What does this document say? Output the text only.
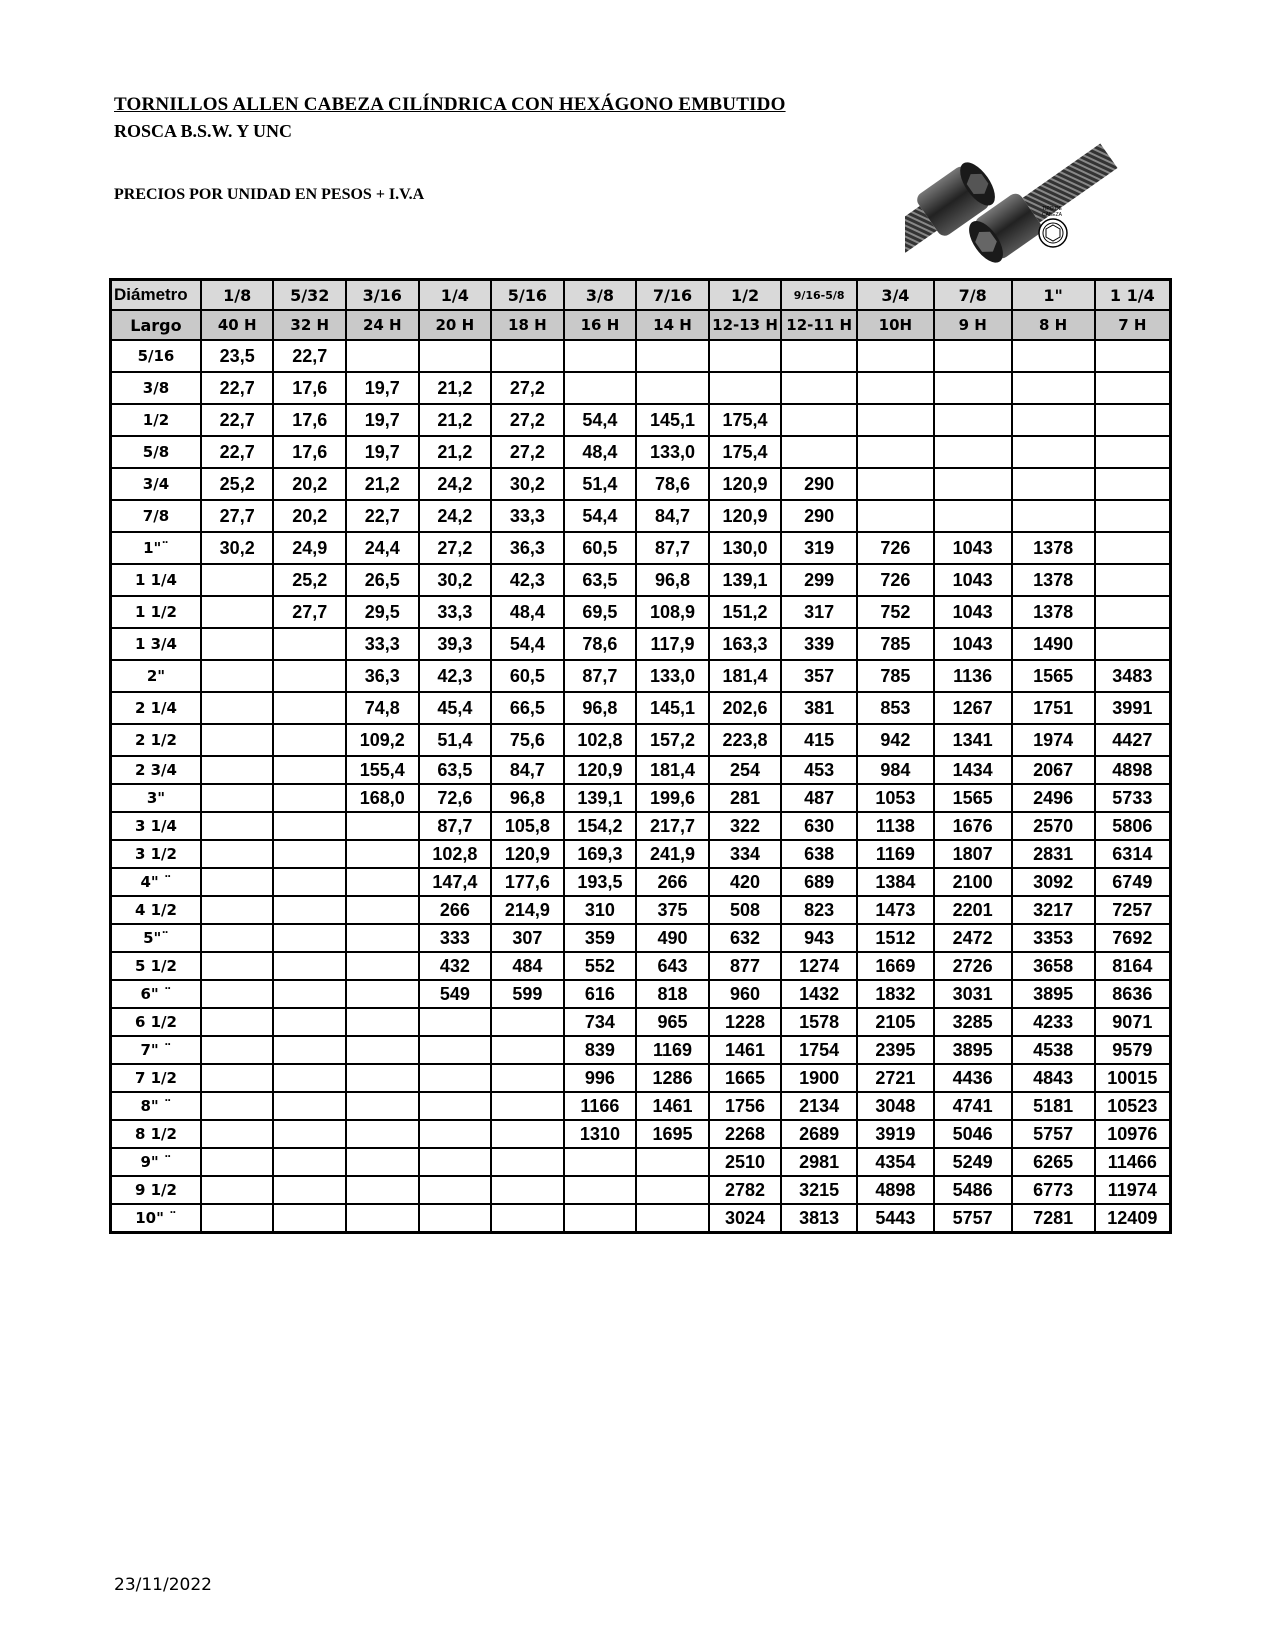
TORNILLOS ALLEN CABEZA CILÍNDRICA CON HEXÁGONO EMBUTIDO
ROSCA B.S.W. Y UNC
PRECIOS POR UNIDAD EN PESOS + I.V.A
TIPO DE
CABEZA
Diámetro	1/8	5/32	3/16	1/4	5/16	3/8	7/16	1/2	9/16-5/8	3/4	7/8	1"	1 1/4
Largo	40 H	32 H	24 H	20 H	18 H	16 H	14 H	12-13 H	12-11 H	10H	9 H	8 H	7 H
5/16	23,5	22,7											
3/8	22,7	17,6	19,7	21,2	27,2								
1/2	22,7	17,6	19,7	21,2	27,2	54,4	145,1	175,4					
5/8	22,7	17,6	19,7	21,2	27,2	48,4	133,0	175,4					
3/4	25,2	20,2	21,2	24,2	30,2	51,4	78,6	120,9	290				
7/8	27,7	20,2	22,7	24,2	33,3	54,4	84,7	120,9	290				
1"¨	30,2	24,9	24,4	27,2	36,3	60,5	87,7	130,0	319	726	1043	1378	
1 1/4		25,2	26,5	30,2	42,3	63,5	96,8	139,1	299	726	1043	1378	
1 1/2		27,7	29,5	33,3	48,4	69,5	108,9	151,2	317	752	1043	1378	
1 3/4			33,3	39,3	54,4	78,6	117,9	163,3	339	785	1043	1490	
2"			36,3	42,3	60,5	87,7	133,0	181,4	357	785	1136	1565	3483
2 1/4			74,8	45,4	66,5	96,8	145,1	202,6	381	853	1267	1751	3991
2 1/2			109,2	51,4	75,6	102,8	157,2	223,8	415	942	1341	1974	4427
2 3/4			155,4	63,5	84,7	120,9	181,4	254	453	984	1434	2067	4898
3"			168,0	72,6	96,8	139,1	199,6	281	487	1053	1565	2496	5733
3 1/4				87,7	105,8	154,2	217,7	322	630	1138	1676	2570	5806
3 1/2				102,8	120,9	169,3	241,9	334	638	1169	1807	2831	6314
4" ¨				147,4	177,6	193,5	266	420	689	1384	2100	3092	6749
4 1/2				266	214,9	310	375	508	823	1473	2201	3217	7257
5"¨				333	307	359	490	632	943	1512	2472	3353	7692
5 1/2				432	484	552	643	877	1274	1669	2726	3658	8164
6" ¨				549	599	616	818	960	1432	1832	3031	3895	8636
6 1/2						734	965	1228	1578	2105	3285	4233	9071
7" ¨						839	1169	1461	1754	2395	3895	4538	9579
7 1/2						996	1286	1665	1900	2721	4436	4843	10015
8" ¨						1166	1461	1756	2134	3048	4741	5181	10523
8 1/2						1310	1695	2268	2689	3919	5046	5757	10976
9" ¨								2510	2981	4354	5249	6265	11466
9 1/2								2782	3215	4898	5486	6773	11974
10" ¨								3024	3813	5443	5757	7281	12409
23/11/2022
